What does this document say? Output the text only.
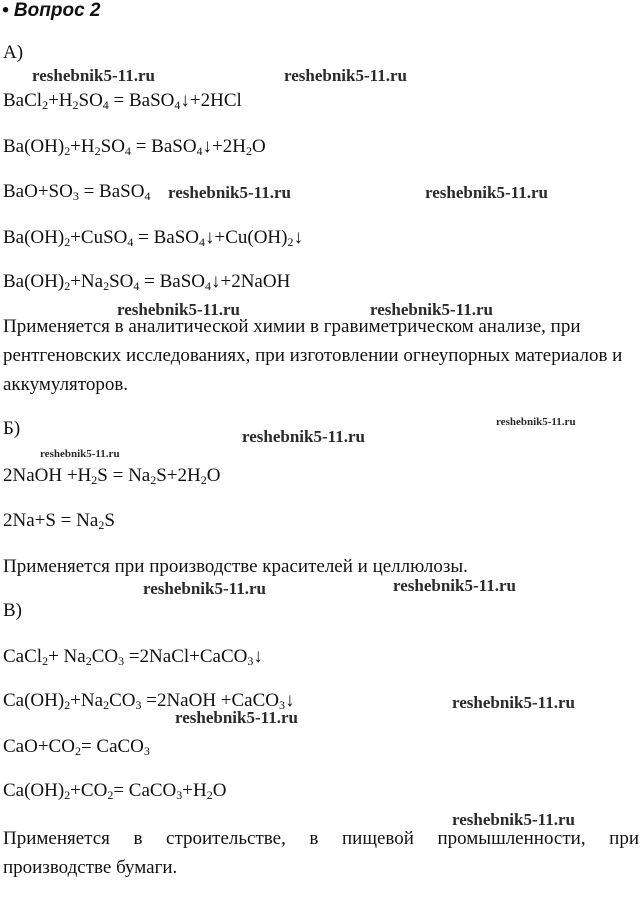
• Вопрос 2
А)
$BaCl_2+H_2SO_4$ = BaSO$_4$↓+2HCl
$Ba(OH)_2+H_2SO_4$ = $BaSO_4↓+2H_2O$
$BaO+SO_3$ = BaSO$_4$
$Ba(OH)_2+CuSO_4$ = $BaSO_4↓+Cu(OH)_2↓$
$Ba(OH)_2+Na_2SO_4$ = BaSO$_4$↓+2NaOH
Применяется в аналитической химии в гравиметрическом анализе, при рентгеновских исследованиях, при изготовлении огнеупорных материалов и аккумуляторов.
Б)
2NaOH $+H_2S = Na_2S+2H_2O$
$2Na+S = Na_2S$
Применяется при производстве красителей и целлюлозы.
В)
CaCl$_2$+ $Na_2CO_3$ =2NaCl+CaCO$_3$↓
$Ca(OH)_2+Na_2CO_3$ =2NaOH +CaCO$_3$↓
$CaO+CO_2=$ CaCO$_3$
$Ca(OH)_2+CO_2=$ $CaCO_3+H_2O$
Применяется в строительстве, в пищевой промышленности, при производстве бумаги.
reshebnik5-11.ru	reshebnik5-11.ru
reshebnik5-11.ru	reshebnik5-11.ru
reshebnik5-11.ru	reshebnik5-11.ru
reshebnik5-11.ru
reshebnik5-11.ru
reshebnik5-11.ru
reshebnik5-11.ru	reshebnik5-11.ru
reshebnik5-11.ru
reshebnik5-11.ru
reshebnik5-11.ru
